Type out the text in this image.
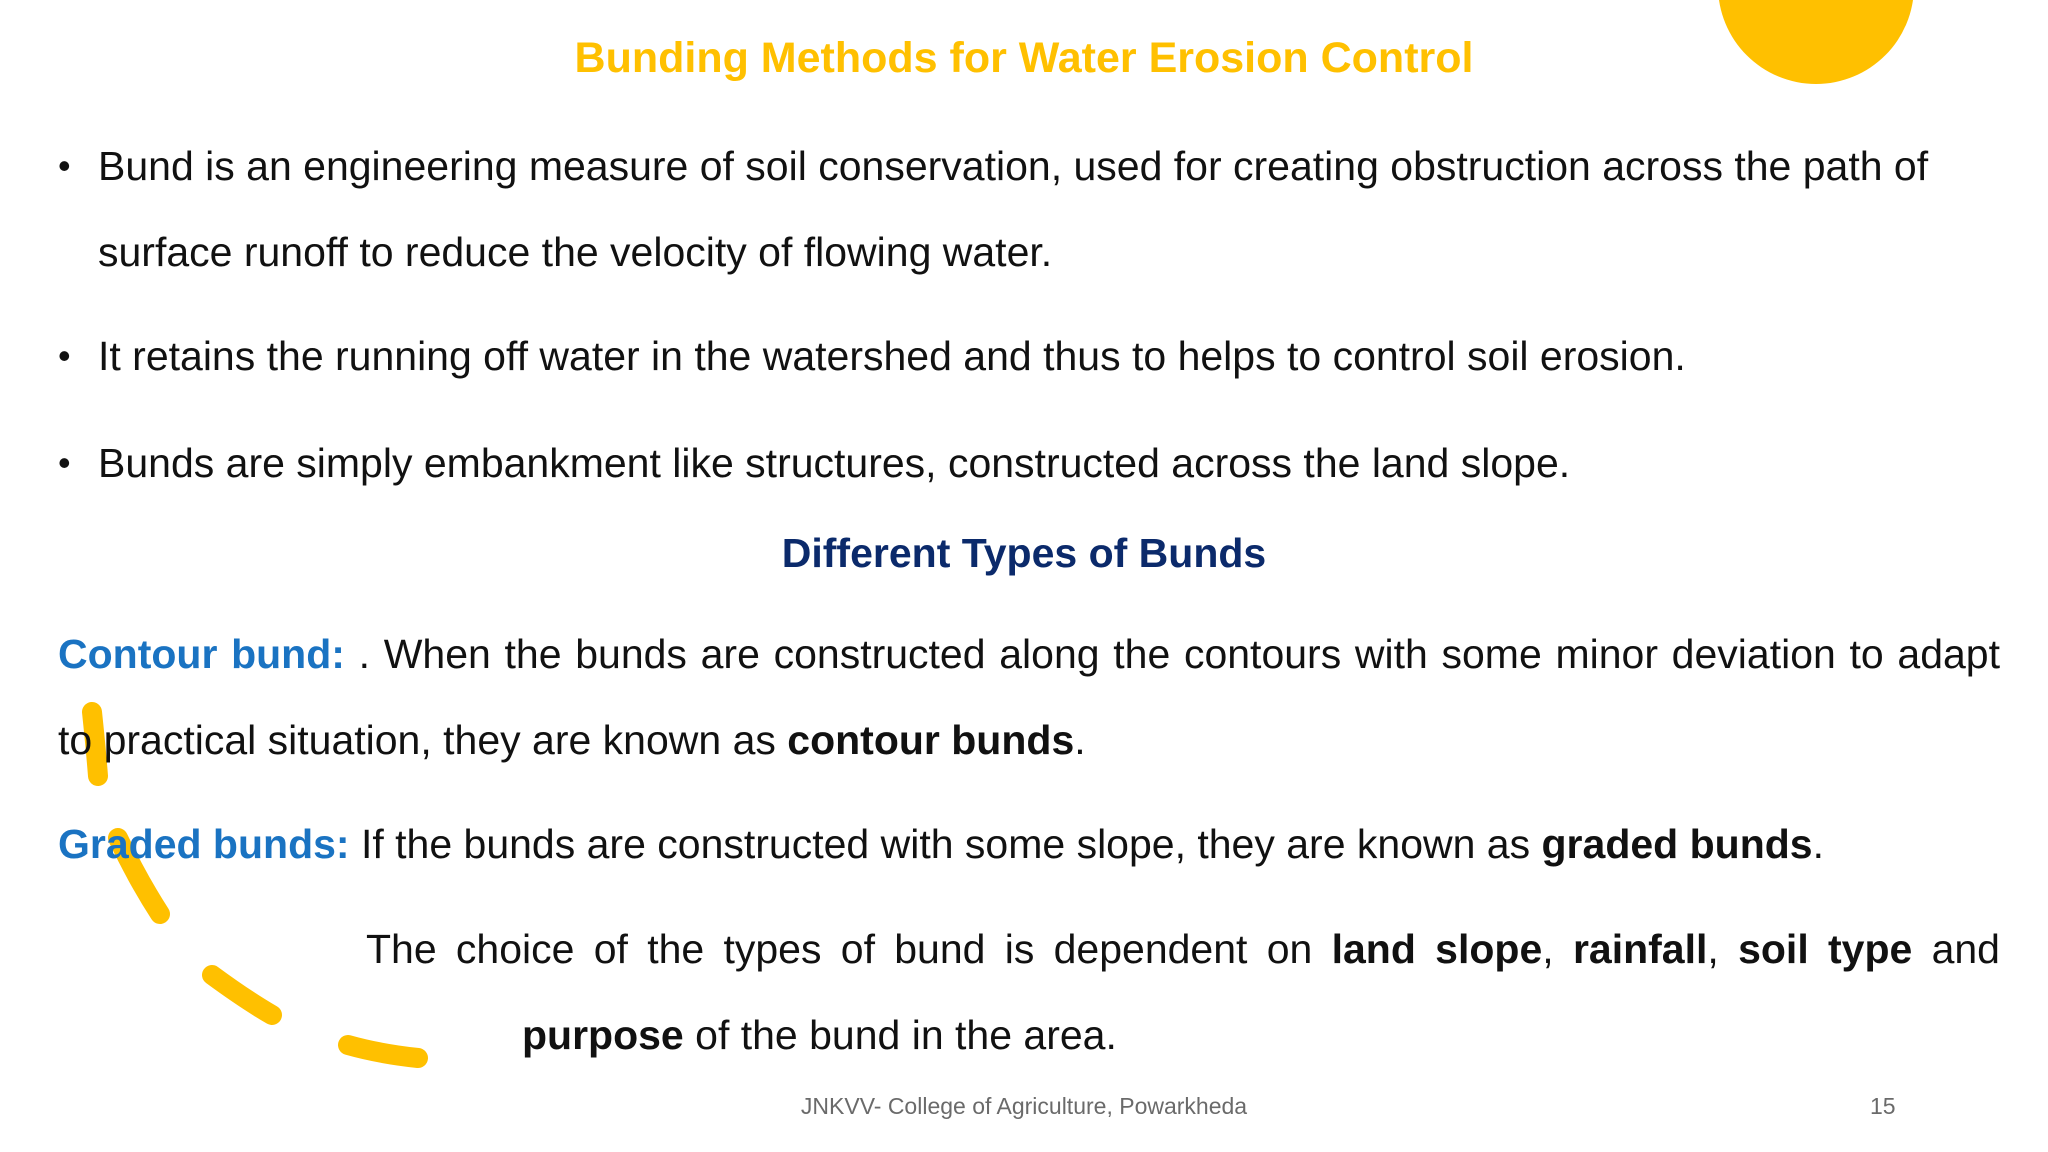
Bunding Methods for Water Erosion Control
• Bund is an engineering measure of soil conservation, used for creating obstruction across the path of surface runoff to reduce the velocity of flowing water.
• It retains the running off water in the watershed and thus to helps to control soil erosion.
• Bunds are simply embankment like structures, constructed across the land slope.
Different Types of Bunds
Contour bund: . When the bunds are constructed along the contours with some minor deviation to adapt to practical situation, they are known as contour bunds.
Graded bunds: If the bunds are constructed with some slope, they are known as graded bunds.
The choice of the types of bund is dependent on land slope, rainfall, soil type and
purpose of the bund in the area.
JNKVV- College of Agriculture, Powarkheda	15
